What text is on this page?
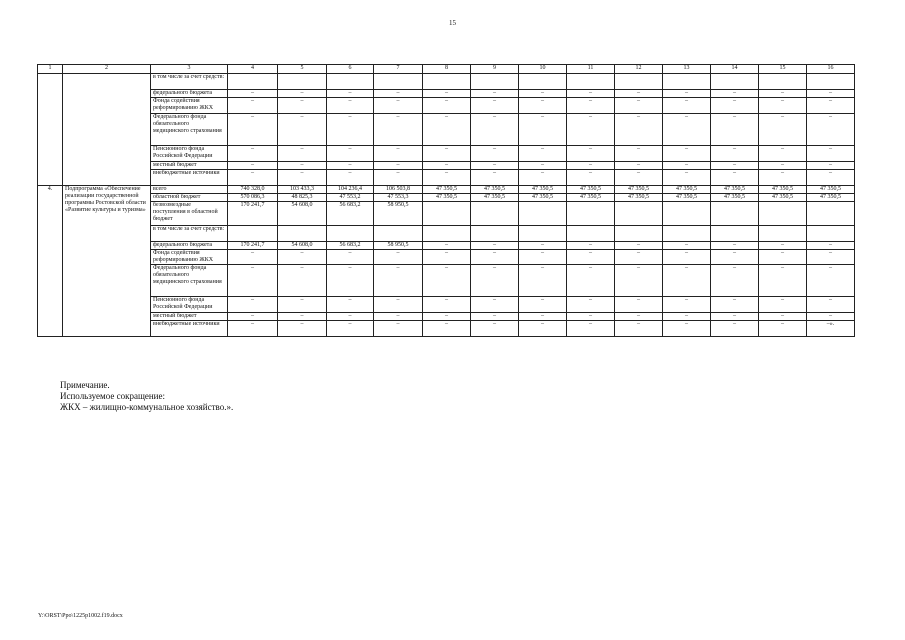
15
1	2	3	4	5	6	7	8	9	10	11	12	13	14	15	16
		в том числе за счет средств:													
		федерального бюджета	–	–	–	–	–	–	–	–	–	–	–	–	–
		Фонда содействия реформированию ЖКХ	–	–	–	–	–	–	–	–	–	–	–	–	–
		Федерального фонда обязательного медицинского страхования	–	–	–	–	–	–	–	–	–	–	–	–	–
		Пенсионного фонда Российской Федерации	–	–	–	–	–	–	–	–	–	–	–	–	–
		местный бюджет	–	–	–	–	–	–	–	–	–	–	–	–	–
		внебюджетные источники	–	–	–	–	–	–	–	–	–	–	–	–	–
4.	Подпрограмма «Обеспечение реализации государственной программы Ростовской области «Развитие культуры и туризма»	всего	740 328,0	103 433,3	104 236,4	106 503,8	47 350,5	47 350,5	47 350,5	47 350,5	47 350,5	47 350,5	47 350,5	47 350,5	47 350,5
		областной бюджет	570 086,3	48 825,3	47 553,2	47 553,3	47 350,5	47 350,5	47 350,5	47 350,5	47 350,5	47 350,5	47 350,5	47 350,5	47 350,5
		безвозмездные поступления в областной бюджет	170 241,7	54 608,0	56 683,2	58 950,5									
		в том числе за счет средств:													
		федерального бюджета	170 241,7	54 608,0	56 683,2	58 950,5	–	–	–	–	–	–	–	–	–
		Фонда содействия реформированию ЖКХ	–	–	–	–	–	–	–	–	–	–	–	–	–
		Федерального фонда обязательного медицинского страхования	–	–	–	–	–	–	–	–	–	–	–	–	–
		Пенсионного фонда Российской Федерации	–	–	–	–	–	–	–	–	–	–	–	–	–
		местный бюджет	–	–	–	–	–	–	–	–	–	–	–	–	–
		внебюджетные источники	–	–	–	–	–	–	–	–	–	–	–	–	–».
Примечание.
Используемое сокращение:
ЖКХ – жилищно-коммунальное хозяйство.».
Y:\ORST\Ppo\1225p1002.f19.docx
